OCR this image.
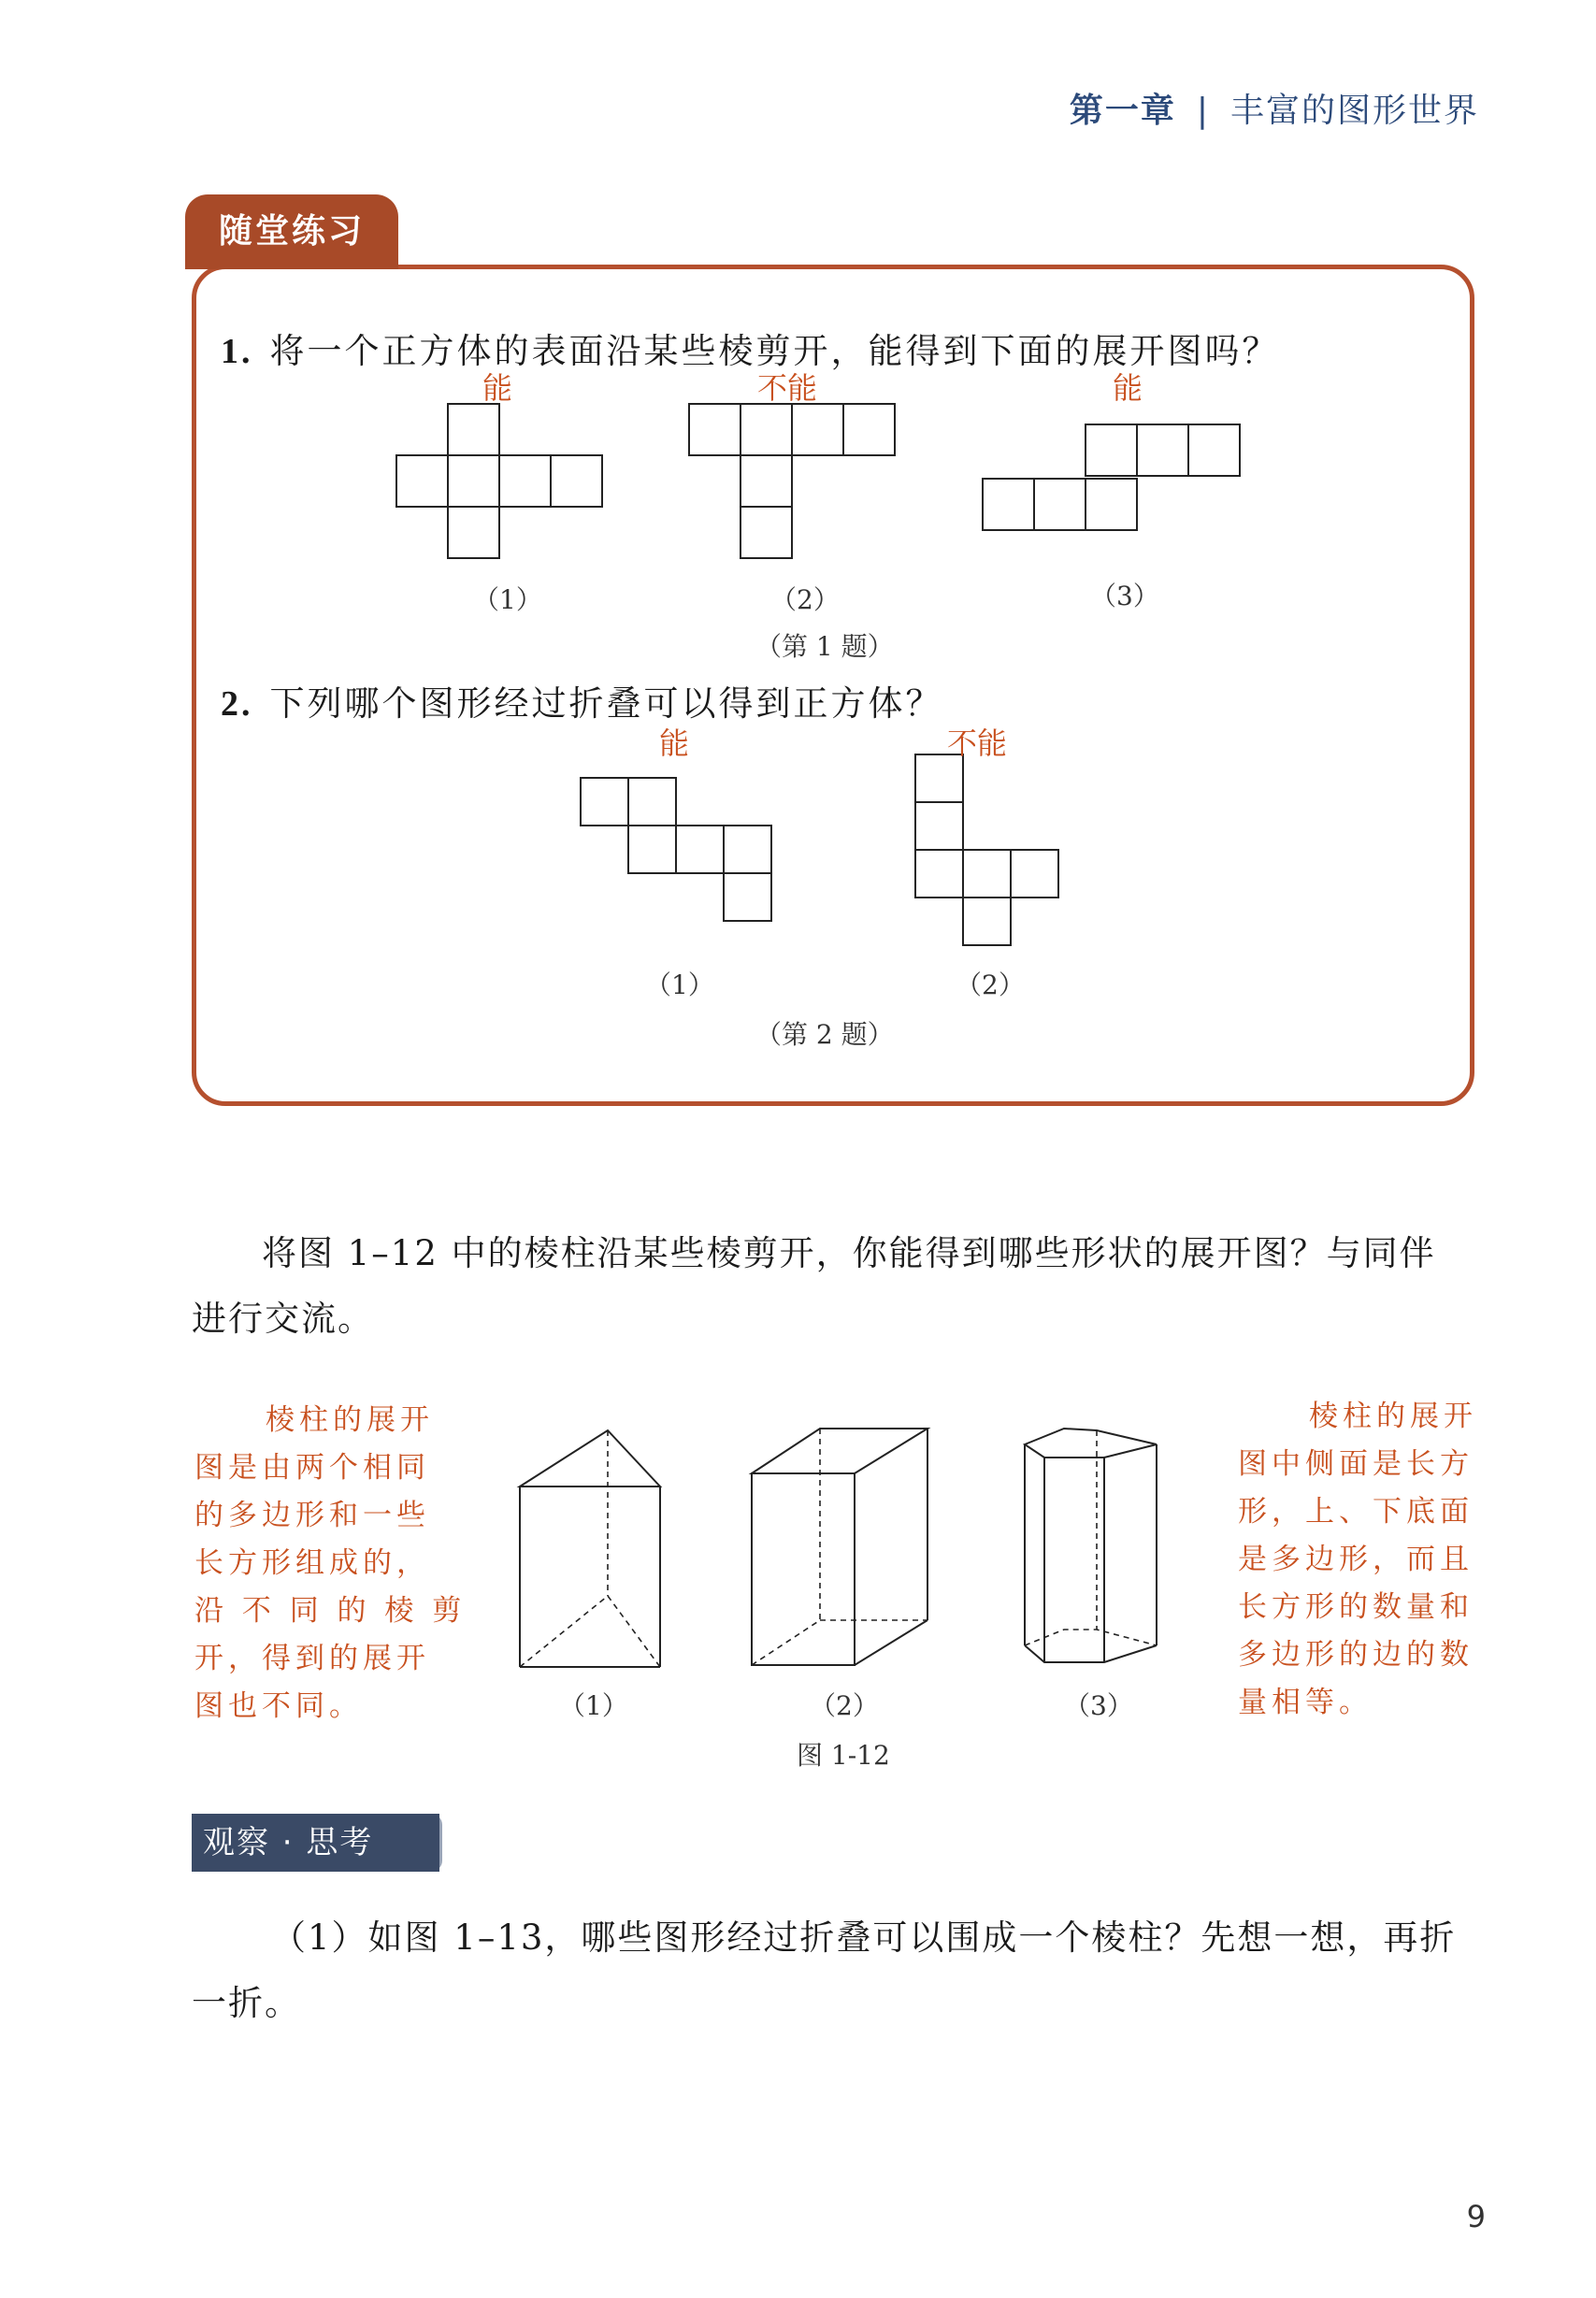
第一章 | 丰富的图形世界
随堂练习
1. 将一个正方体的表面沿某些棱剪开，能得到下面的展开图吗？
能	不能	能
（1）	（2）	（3）
（第 1 题）
2. 下列哪个图形经过折叠可以得到正方体？
能	不能
（1）	（2）
（第 2 题）
将图 1–12 中的棱柱沿某些棱剪开，你能得到哪些形状的展开图？与同伴
进行交流。
棱柱的展开
图是由两个相同
的多边形和一些
长方形组成的，
沿 不 同 的 棱 剪
开，得到的展开
图也不同。
棱柱的展开
图中侧面是长方
形，上、下底面
是多边形，而且
长方形的数量和
多边形的边的数
量相等。
（1）	（2）	（3）
图 1-12
观察 · 思考
（1）如图 1–13，哪些图形经过折叠可以围成一个棱柱？先想一想，再折
一折。
9
